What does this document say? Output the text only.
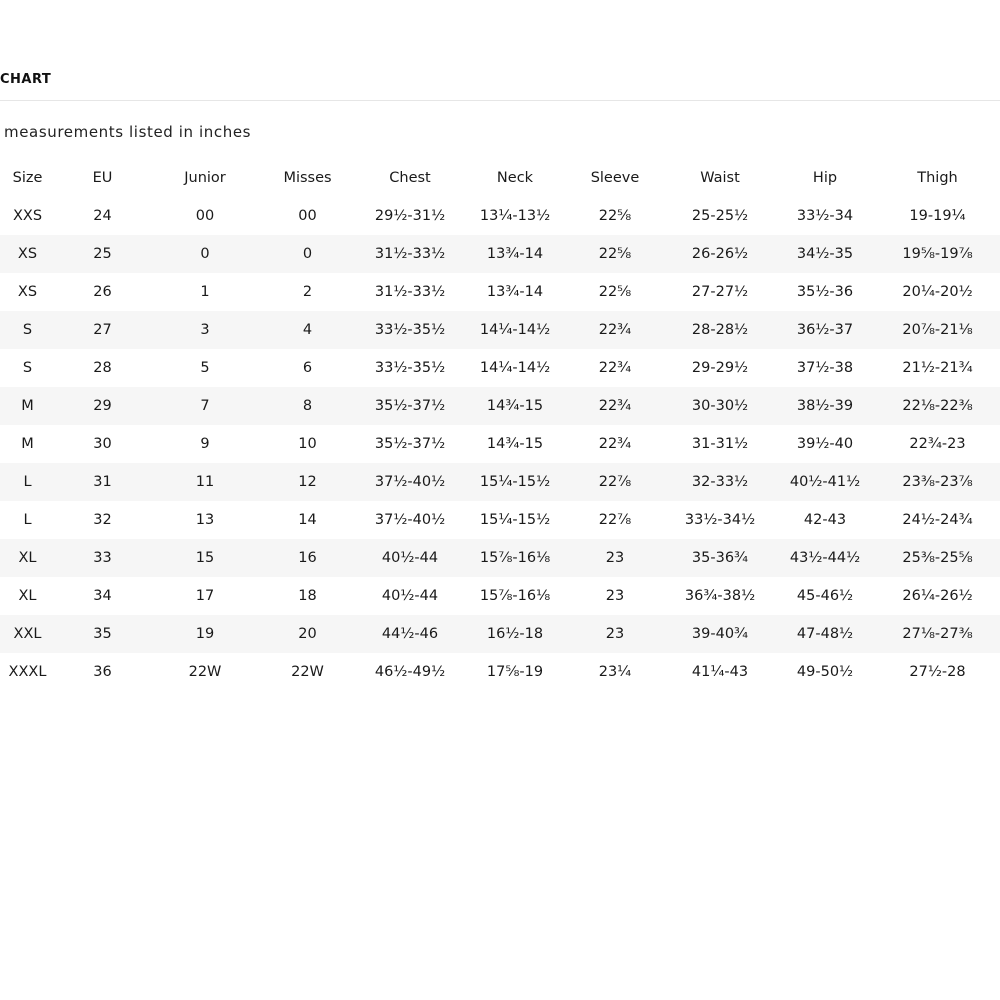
CHART
measurements listed in inches
Size	EU	Junior	Misses	Chest	Neck	Sleeve	Waist	Hip	Thigh
XXS	24	00	00	29½-31½	13¼-13½	22⅝	25-25½	33½-34	19-19¼
XS	25	0	0	31½-33½	13¾-14	22⅝	26-26½	34½-35	19⅝-19⅞
XS	26	1	2	31½-33½	13¾-14	22⅝	27-27½	35½-36	20¼-20½
S	27	3	4	33½-35½	14¼-14½	22¾	28-28½	36½-37	20⅞-21⅛
S	28	5	6	33½-35½	14¼-14½	22¾	29-29½	37½-38	21½-21¾
M	29	7	8	35½-37½	14¾-15	22¾	30-30½	38½-39	22⅛-22⅜
M	30	9	10	35½-37½	14¾-15	22¾	31-31½	39½-40	22¾-23
L	31	11	12	37½-40½	15¼-15½	22⅞	32-33½	40½-41½	23⅜-23⅞
L	32	13	14	37½-40½	15¼-15½	22⅞	33½-34½	42-43	24½-24¾
XL	33	15	16	40½-44	15⅞-16⅛	23	35-36¾	43½-44½	25⅜-25⅝
XL	34	17	18	40½-44	15⅞-16⅛	23	36¾-38½	45-46½	26¼-26½
XXL	35	19	20	44½-46	16½-18	23	39-40¾	47-48½	27⅛-27⅜
XXXL	36	22W	22W	46½-49½	17⅝-19	23¼	41¼-43	49-50½	27½-28
